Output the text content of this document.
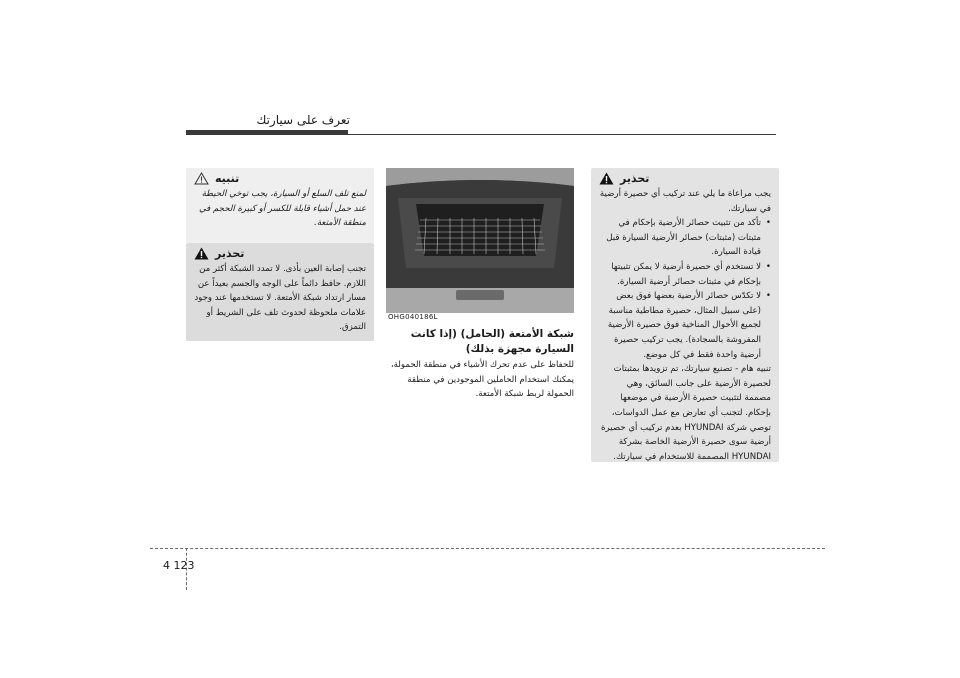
تعرف على سيارتك
تنبيه

لمنع تلف السلع أو السيارة، يجب توخي الحيطة عند حمل أشياء قابلة للكسر أو كبيرة الحجم في منطقة الأمتعة.

تحذير

تجنب إصابة العين بأذى. لا تمدد الشبكة أكثر من اللازم. حافظ دائماً على الوجه والجسم بعيداً عن مسار ارتداد شبكة الأمتعة. لا تستخدمها عند وجود علامات ملحوظة لحدوث تلف على الشريط أو التمزق.

OHG040186L
شبكة الأمتعة (الحامل) (إذا كانت السيارة مجهزة بذلك)
للحفاظ على عدم تحرك الأشياء في منطقة الحمولة، يمكنك استخدام الحاملين الموجودين في منطقة الحمولة لربط شبكة الأمتعة.
تحذير

يجب مراعاة ما يلي عند تركيب أي حصيرة أرضية في سيارتك.

• تأكد من تثبيت حصائر الأرضية بإحكام في مثبتات (مثبتات) حصائر الأرضية السيارة قبل قيادة السيارة.
• لا تستخدم أي حصيرة أرضية لا يمكن تثبيتها بإحكام في مثبتات حصائر أرضية السيارة.
• لا تكدّس حصائر الأرضية بعضها فوق بعض (على سبيل المثال، حصيرة مطاطية مناسبة لجميع الأحوال المناخية فوق حصيرة الأرضية المفروشة بالسجادة). يجب تركيب حصيرة أرضية واحدة فقط في كل موضع.

تنبيه هام - تصنيع سيارتك، تم تزويدها بمثبتات لحصيرة الأرضية على جانب السائق، وهي مصممة لتثبيت حصيرة الأرضية في موضعها بإحكام. لتجنب أي تعارض مع عمل الدواسات، توصي شركة HYUNDAI بعدم تركيب أي حصيرة أرضية سوى حصيرة الأرضية الخاصة بشركة HYUNDAI المصممة للاستخدام في سيارتك.

4 123
